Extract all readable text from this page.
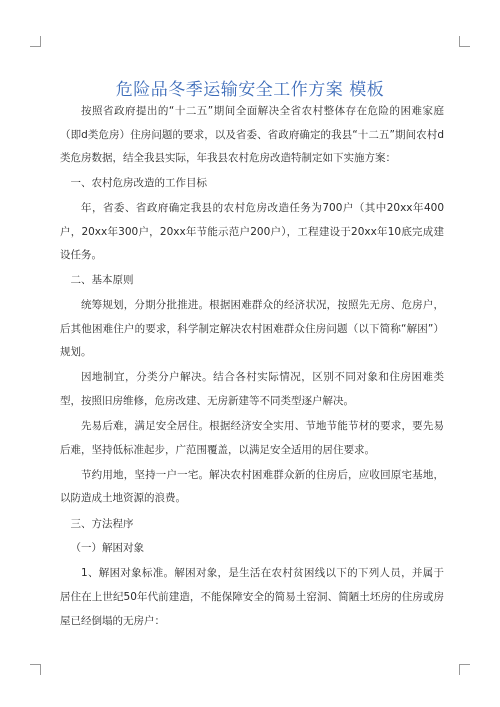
危险品冬季运输安全工作方案 模板

按照省政府提出的“十二五”期间全面解决全省农村整体存在危险的困难家庭（即d类危房）住房问题的要求，以及省委、省政府确定的我县“十二五”期间农村d类危房数据，结全我县实际，年我县农村危房改造特制定如下实施方案：

一、农村危房改造的工作目标

年，省委、省政府确定我县的农村危房改造任务为700户（其中20xx年400户，20xx年300户，20xx年节能示范户200户），工程建设于20xx年10底完成建设任务。

二、基本原则

统筹规划，分期分批推进。根据困难群众的经济状况，按照先无房、危房户，后其他困难住户的要求，科学制定解决农村困难群众住房问题（以下简称“解困”）规划。

因地制宜，分类分户解决。结合各村实际情况，区别不同对象和住房困难类型，按照旧房维修，危房改建、无房新建等不同类型逐户解决。

先易后难，满足安全居住。根据经济安全实用、节地节能节材的要求，要先易后难，坚持低标准起步，广范围覆盖，以满足安全适用的居住要求。

节约用地，坚持一户一宅。解决农村困难群众新的住房后，应收回原宅基地，以防造成土地资源的浪费。

三、方法程序

（一）解困对象

1、解困对象标准。解困对象，是生活在农村贫困线以下的下列人员，并属于居住在上世纪50年代前建造，不能保障安全的简易土窑洞、简陋土坯房的住房或房屋已经倒塌的无房户：
